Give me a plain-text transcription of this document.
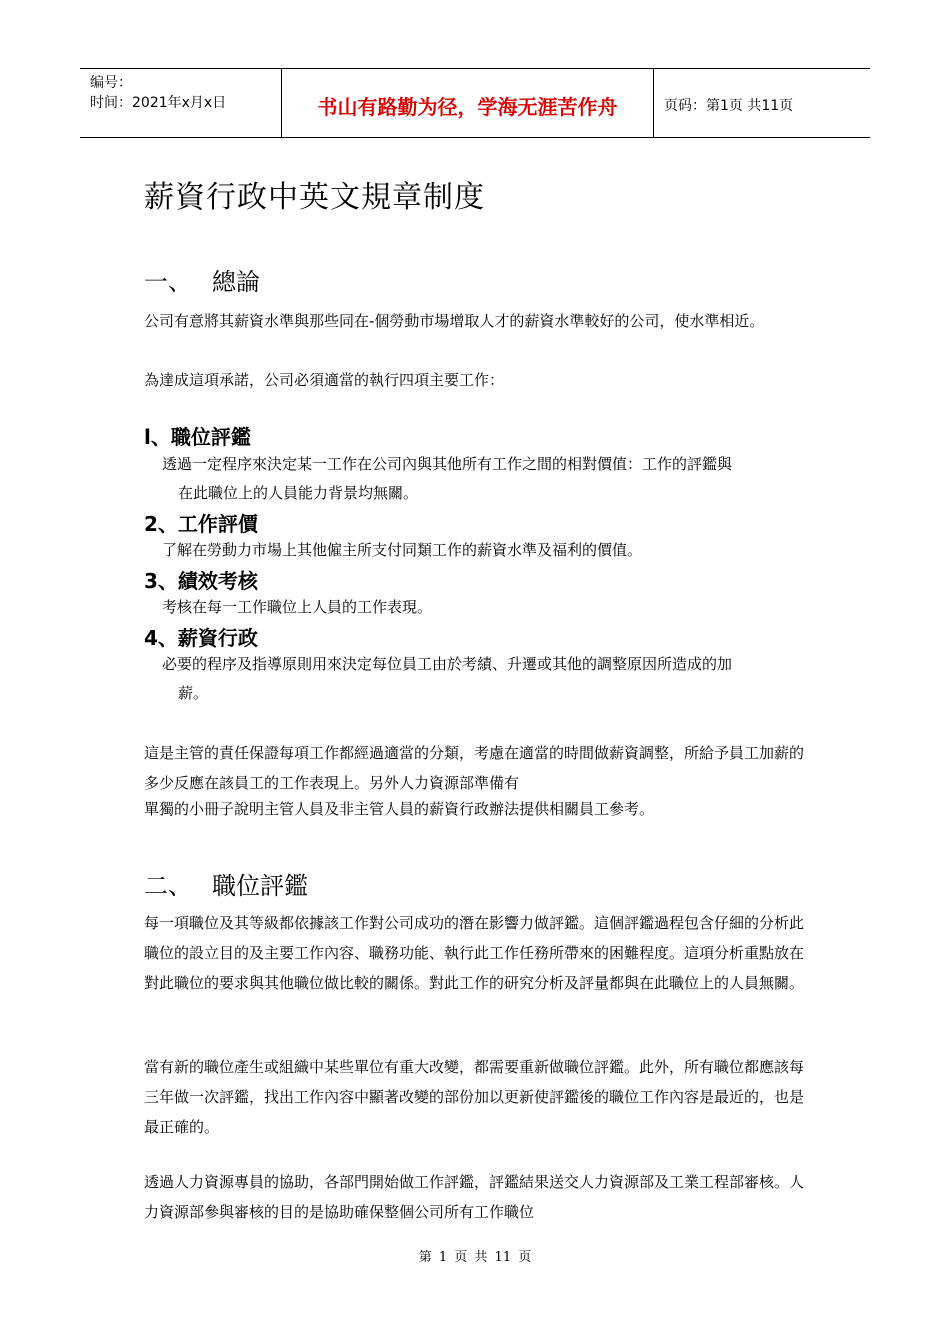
编号：
时间：2021年x月x日	书山有路勤为径，学海无涯苦作舟	页码：第1页 共11页
薪資行政中英文規章制度
一、 總論

公司有意將其薪資水準與那些同在-個勞動市場增取人才的薪資水準較好的公司，使水準相近。

為達成這項承諾，公司必須適當的執行四項主要工作：

l、職位評鑑

透過一定程序來決定某一工作在公司內與其他所有工作之間的相對價值：工作的評鑑與
在此職位上的人員能力背景均無關。

2、工作評價

了解在勞動力市場上其他僱主所支付同類工作的薪資水準及福利的價值。

3、績效考核

考核在每一工作職位上人員的工作表現。

4、薪資行政

必要的程序及指導原則用來決定每位員工由於考績、升遷或其他的調整原因所造成的加
薪。

這是主管的責任保證每項工作都經過適當的分類，考慮在適當的時間做薪資調整，所給予員工加薪的多少反應在該員工的工作表現上。另外人力資源部準備有

單獨的小冊子說明主管人員及非主管人員的薪資行政辦法提供相關員工參考。

二、 職位評鑑

每一項職位及其等級都依據該工作對公司成功的潛在影響力做評鑑。這個評鑑過程包含仔細的分析此職位的設立目的及主要工作內容、職務功能、執行此工作任務所帶來的困難程度。這項分析重點放在對此職位的要求與其他職位做比較的關係。對此工作的研究分析及評量都與在此職位上的人員無關。

當有新的職位產生或組織中某些單位有重大改變，都需要重新做職位評鑑。此外，所有職位都應該每三年做一次評鑑，找出工作內容中顯著改變的部份加以更新使評鑑後的職位工作內容是最近的，也是最正確的。

透過人力資源專員的協助，各部門開始做工作評鑑，評鑑結果送交人力資源部及工業工程部審核。人力資源部參與審核的目的是協助確保整個公司所有工作職位

第 1 页 共 11 页
